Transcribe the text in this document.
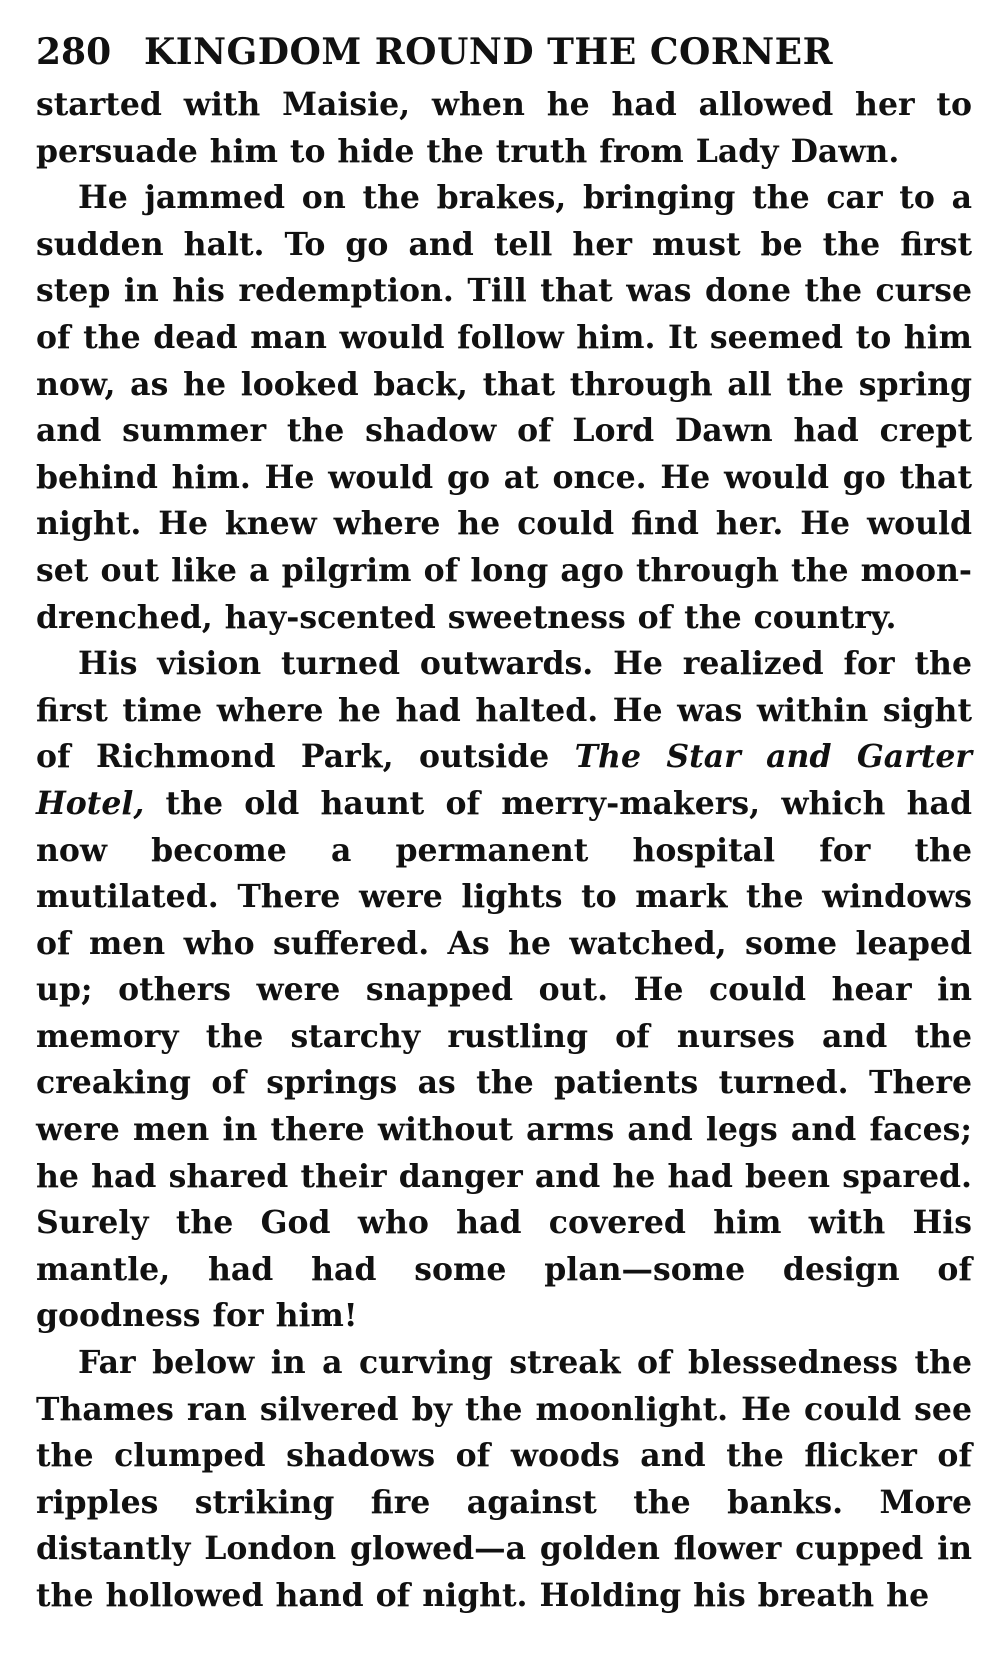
280 KINGDOM ROUND THE CORNER

started with Maisie, when he had allowed her to persuade him to hide the truth from Lady Dawn.

He jammed on the brakes, bringing the car to a sudden halt. To go and tell her must be the first step in his redemption. Till that was done the curse of the dead man would follow him. It seemed to him now, as he looked back, that through all the spring and summer the shadow of Lord Dawn had crept behind him. He would go at once. He would go that night. He knew where he could find her. He would set out like a pilgrim of long ago through the moon-drenched, hay-scented sweetness of the country.

His vision turned outwards. He realized for the first time where he had halted. He was within sight of Richmond Park, outside The Star and Garter Hotel, the old haunt of merry-makers, which had now become a permanent hospital for the mutilated. There were lights to mark the windows of men who suffered. As he watched, some leaped up; others were snapped out. He could hear in memory the starchy rustling of nurses and the creaking of springs as the patients turned. There were men in there without arms and legs and faces; he had shared their danger and he had been spared. Surely the God who had covered him with His mantle, had had some plan—some design of goodness for him!

Far below in a curving streak of blessedness the Thames ran silvered by the moonlight. He could see the clumped shadows of woods and the flicker of ripples striking fire against the banks. More distantly London glowed—a golden flower cupped in the hollowed hand of night. Holding his breath he
